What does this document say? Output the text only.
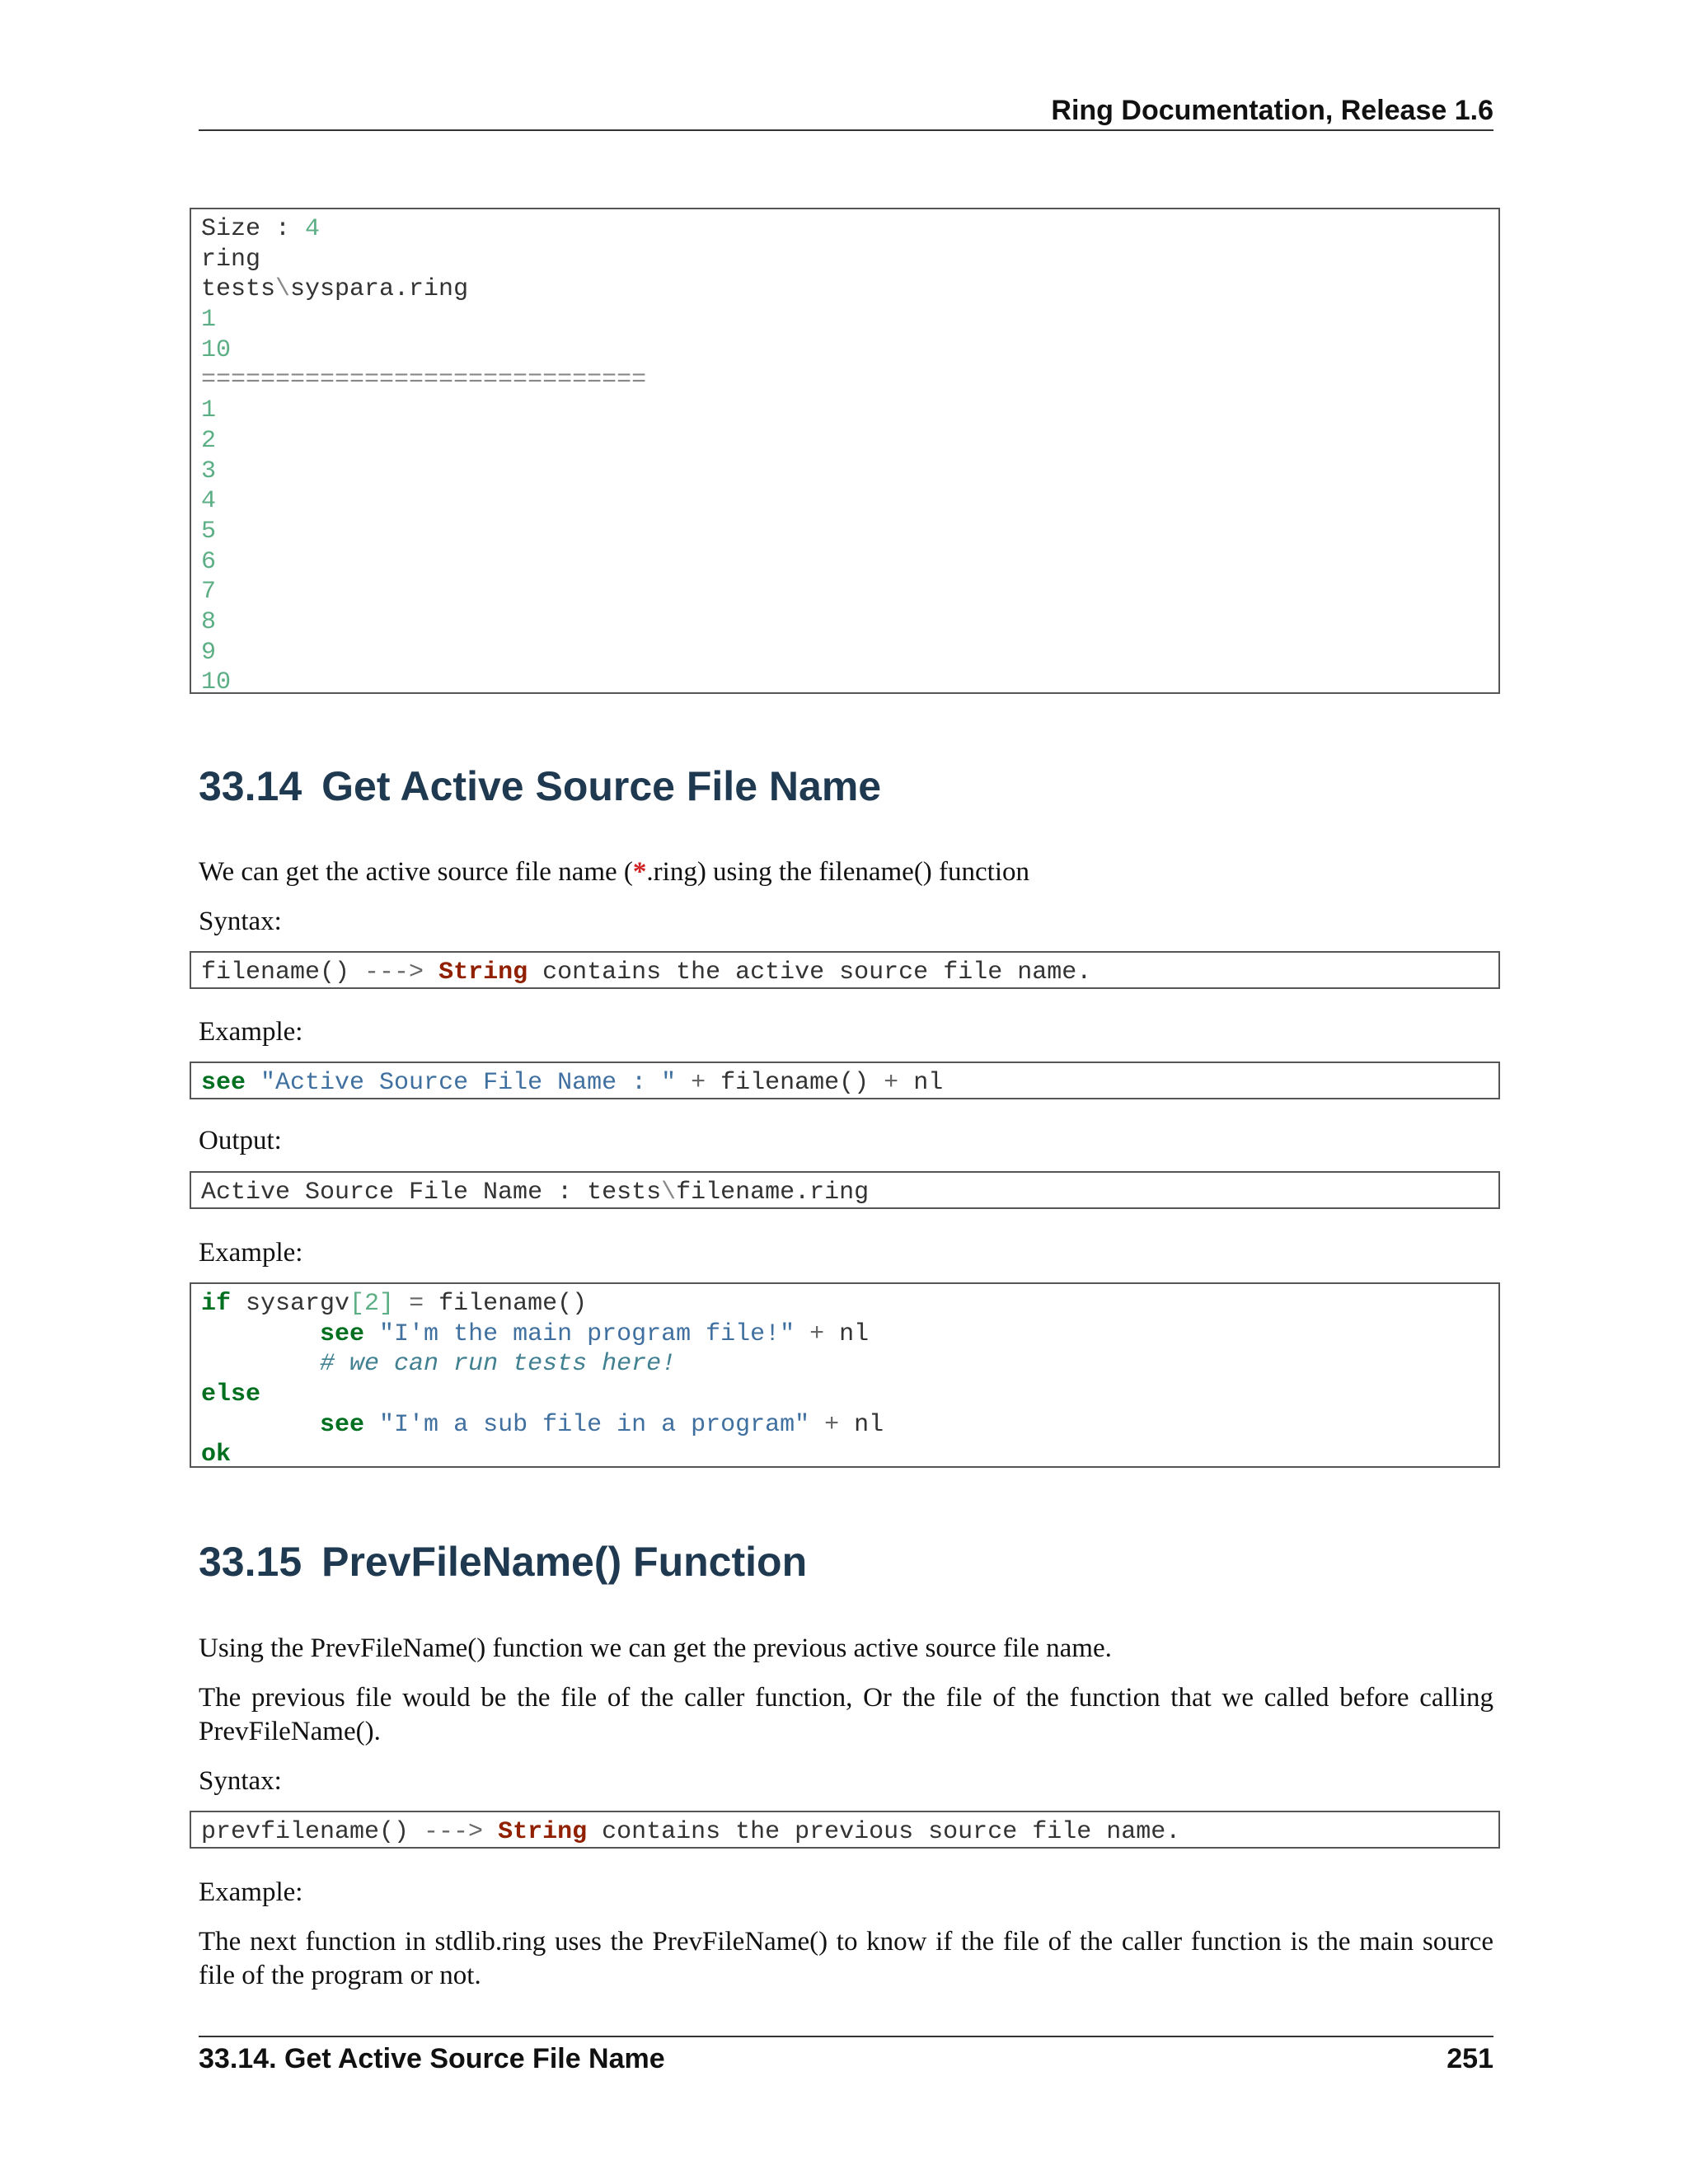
Ring Documentation, Release 1.6
Size : 4
ring
tests\syspara.ring
1
10
==============================
1
2
3
4
5
6
7
8
9
10
33.14 Get Active Source File Name
We can get the active source file name (*.ring) using the filename() function
Syntax:
filename() ---> String contains the active source file name.
Example:
see "Active Source File Name : " + filename() + nl
Output:
Active Source File Name : tests\filename.ring
Example:
if sysargv[2] = filename()
see "I'm the main program file!" + nl
# we can run tests here!
else
see "I'm a sub file in a program" + nl
ok
33.15 PrevFileName() Function
Using the PrevFileName() function we can get the previous active source file name.
The previous file would be the file of the caller function, Or the file of the function that we called before calling PrevFileName().
Syntax:
prevfilename() ---> String contains the previous source file name.
Example:
The next function in stdlib.ring uses the PrevFileName() to know if the file of the caller function is the main source file of the program or not.
33.14. Get Active Source File Name	251
